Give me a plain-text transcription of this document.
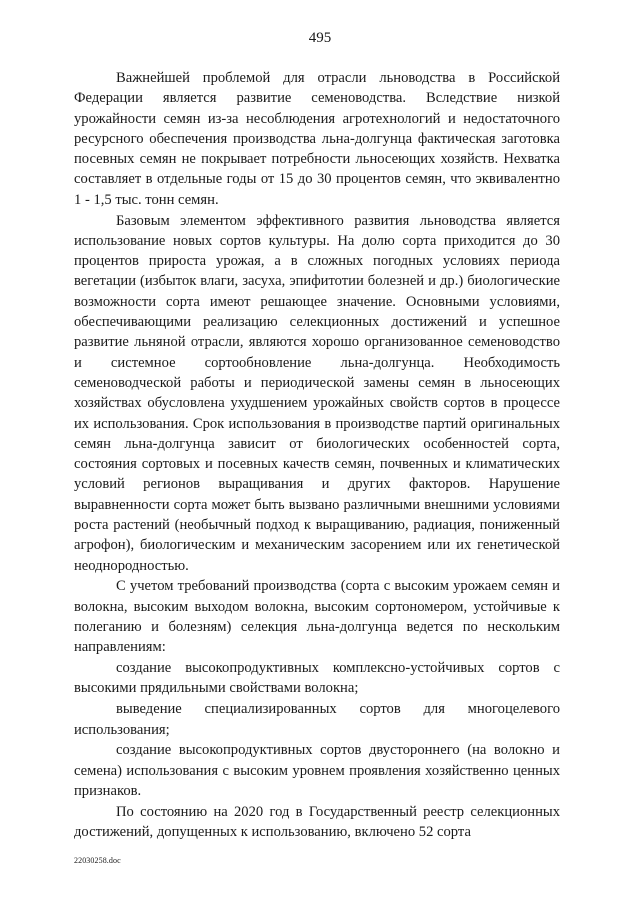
495

Важнейшей проблемой для отрасли льноводства в Российской Федерации является развитие семеноводства. Вследствие низкой урожайности семян из-за несоблюдения агротехнологий и недостаточного ресурсного обеспечения производства льна-долгунца фактическая заготовка посевных семян не покрывает потребности льносеющих хозяйств. Нехватка составляет в отдельные годы от 15 до 30 процентов семян, что эквивалентно 1 - 1,5 тыс. тонн семян.

Базовым элементом эффективного развития льноводства является использование новых сортов культуры. На долю сорта приходится до 30 процентов прироста урожая, а в сложных погодных условиях периода вегетации (избыток влаги, засуха, эпифитотии болезней и др.) биологические возможности сорта имеют решающее значение. Основными условиями, обеспечивающими реализацию селекционных достижений и успешное развитие льняной отрасли, являются хорошо организованное семеноводство и системное сортообновление льна-долгунца. Необходимость семеноводческой работы и периодической замены семян в льносеющих хозяйствах обусловлена ухудшением урожайных свойств сортов в процессе их использования. Срок использования в производстве партий оригинальных семян льна-долгунца зависит от биологических особенностей сорта, состояния сортовых и посевных качеств семян, почвенных и климатических условий регионов выращивания и других факторов. Нарушение выравненности сорта может быть вызвано различными внешними условиями роста растений (необычный подход к выращиванию, радиация, пониженный агрофон), биологическим и механическим засорением или их генетической неоднородностью.

С учетом требований производства (сорта с высоким урожаем семян и волокна, высоким выходом волокна, высоким сортономером, устойчивые к полеганию и болезням) селекция льна-долгунца ведется по нескольким направлениям:

создание высокопродуктивных комплексно-устойчивых сортов с высокими прядильными свойствами волокна;

выведение специализированных сортов для многоцелевого использования;

создание высокопродуктивных сортов двустороннего (на волокно и семена) использования с высоким уровнем проявления хозяйственно ценных признаков.

По состоянию на 2020 год в Государственный реестр селекционных достижений, допущенных к использованию, включено 52 сорта

22030258.doc
